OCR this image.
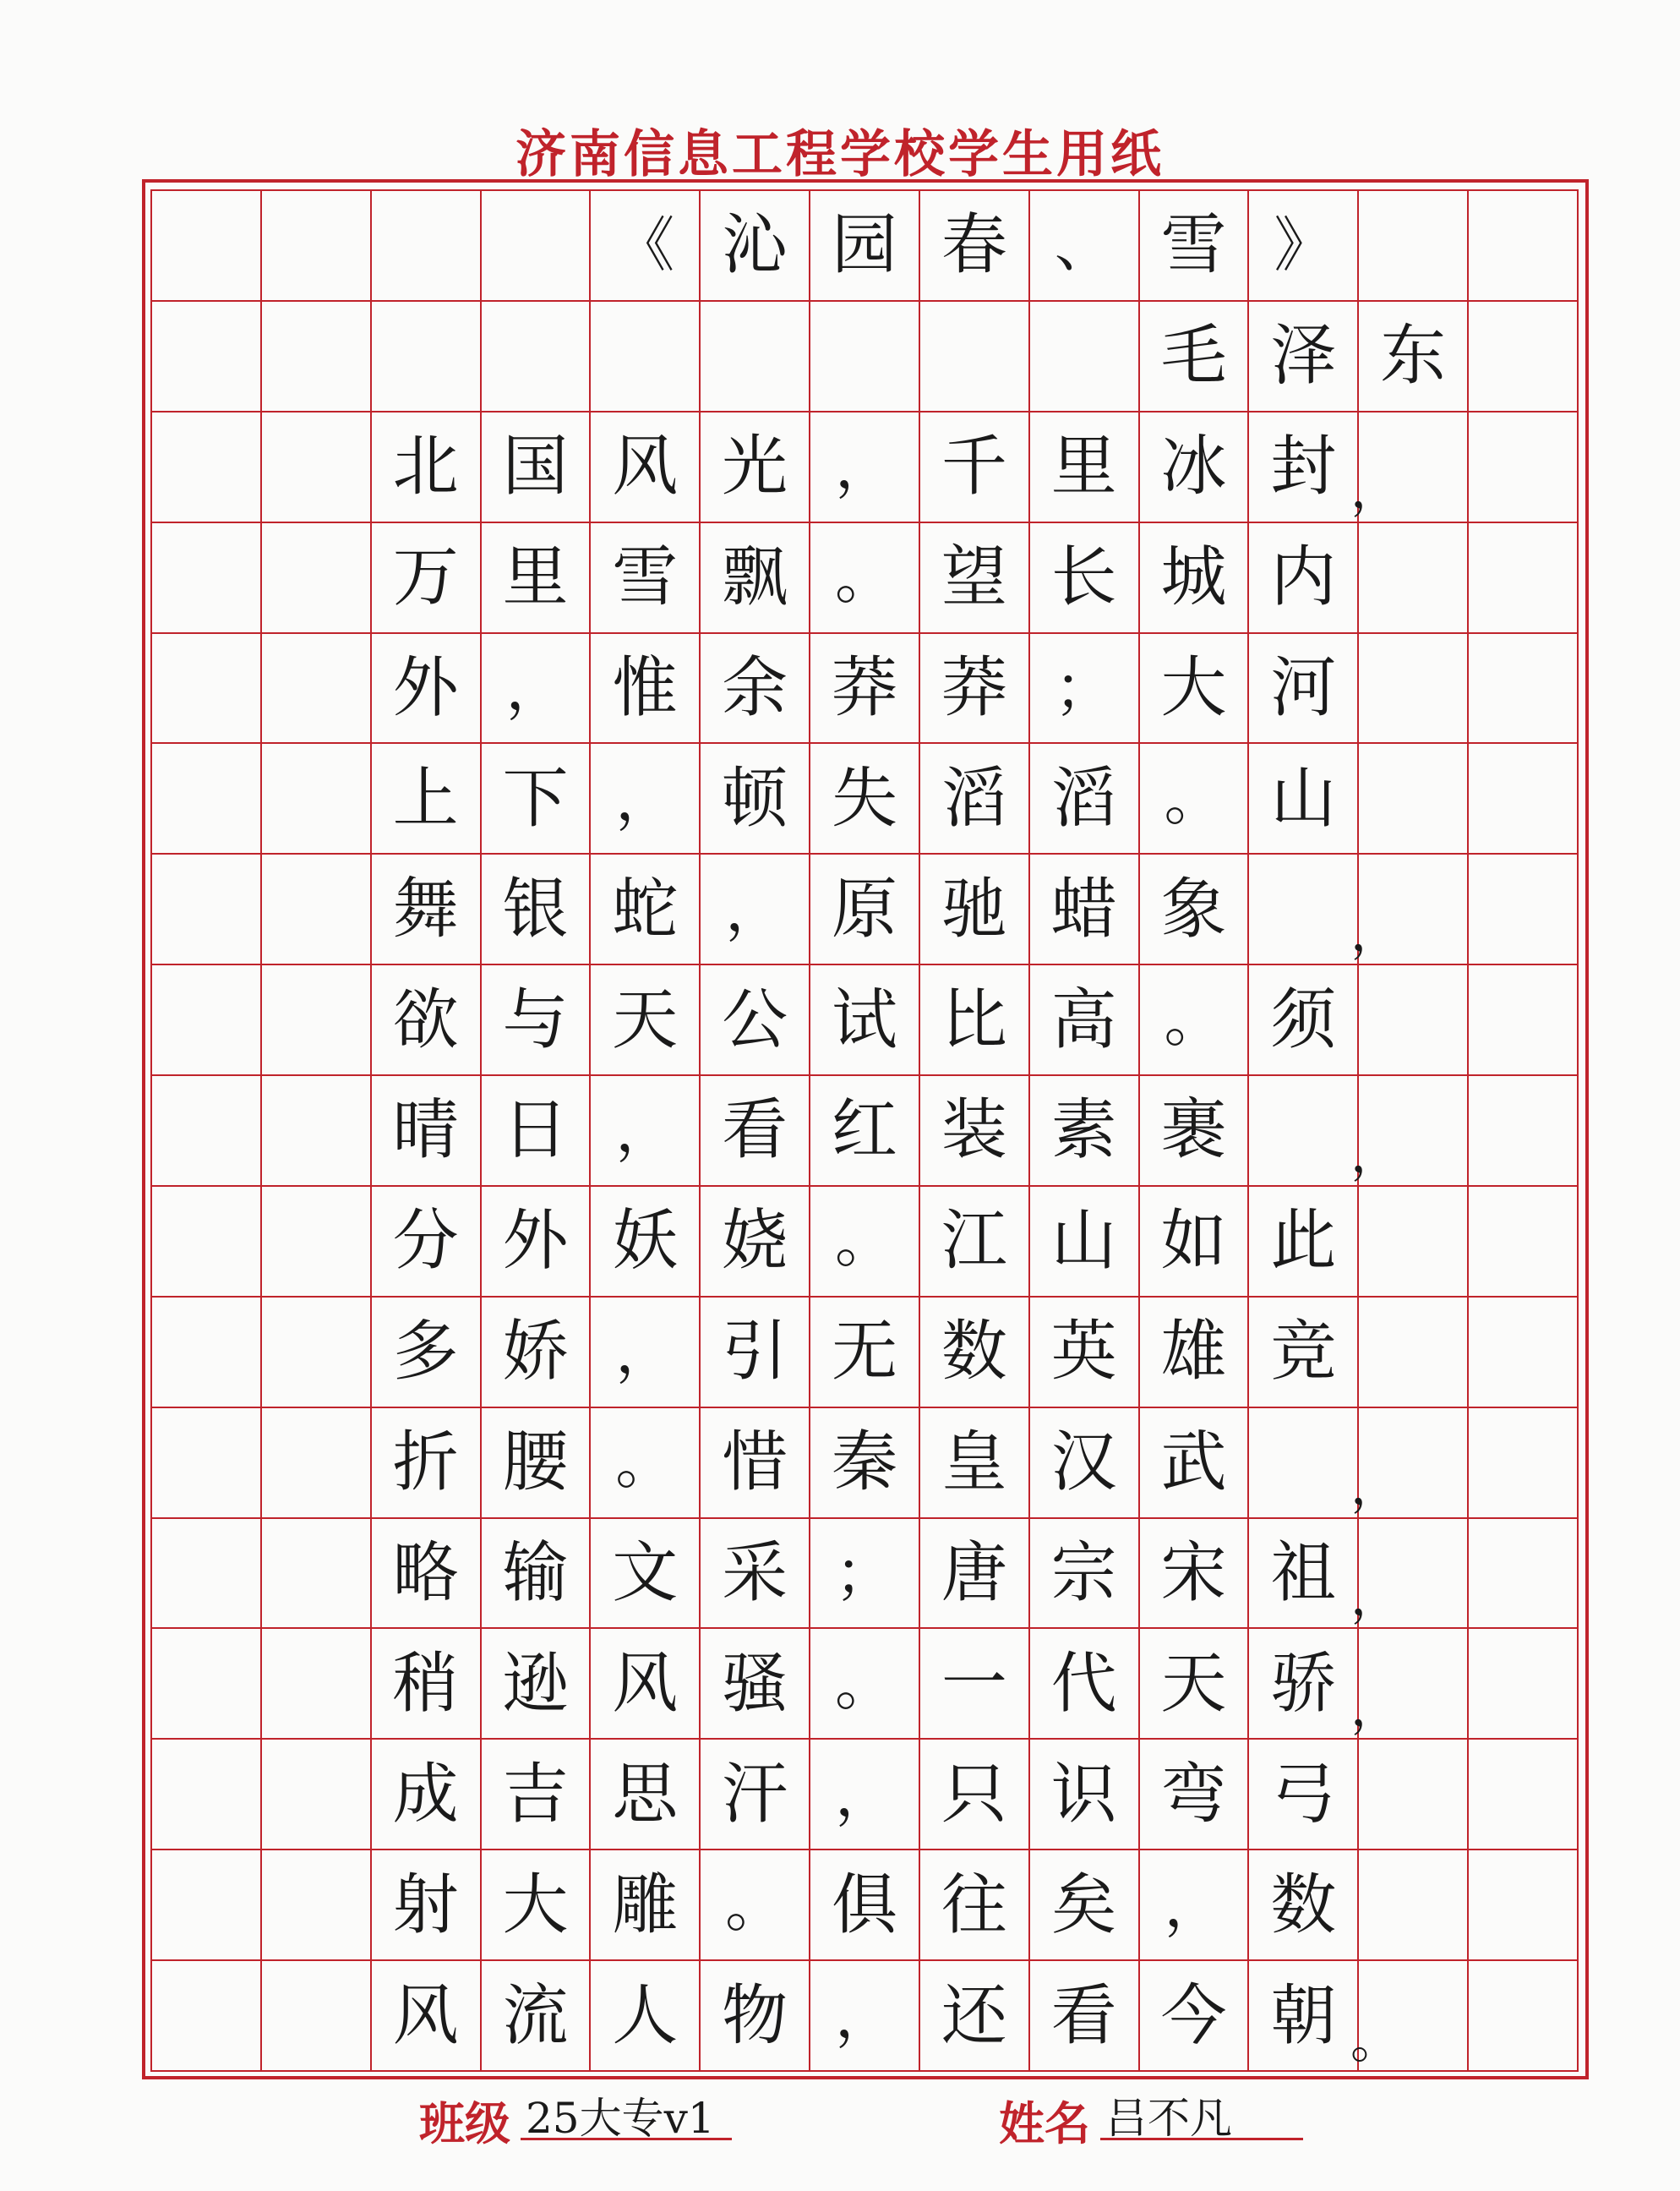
济南信息工程学校学生用纸
《 沁 园 春 、 雪 》
毛 泽 东
北 国 风 光 ， 千 里 冰 封
万 里 雪 飘 。 望 长 城 内
外 ， 惟 余 莽 莽 ； 大 河
上 下 ， 顿 失 滔 滔 。 山
舞 银 蛇 ， 原 驰 蜡 象
欲 与 天 公 试 比 高 。 须
晴 日 ， 看 红 装 素 裹
分 外 妖 娆 。 江 山 如 此
多 娇 ， 引 无 数 英 雄 竞
折 腰 。 惜 秦 皇 汉 武
略 输 文 采 ； 唐 宗 宋 祖
稍 逊 风 骚 。 一 代 天 骄
成 吉 思 汗 ， 只 识 弯 弓
射 大 雕 。 俱 往 矣 ， 数
风 流 人 物 ， 还 看 今 朝
，
，
，
，
，
，
。
班级 25大专v1	姓名 吕不凡
